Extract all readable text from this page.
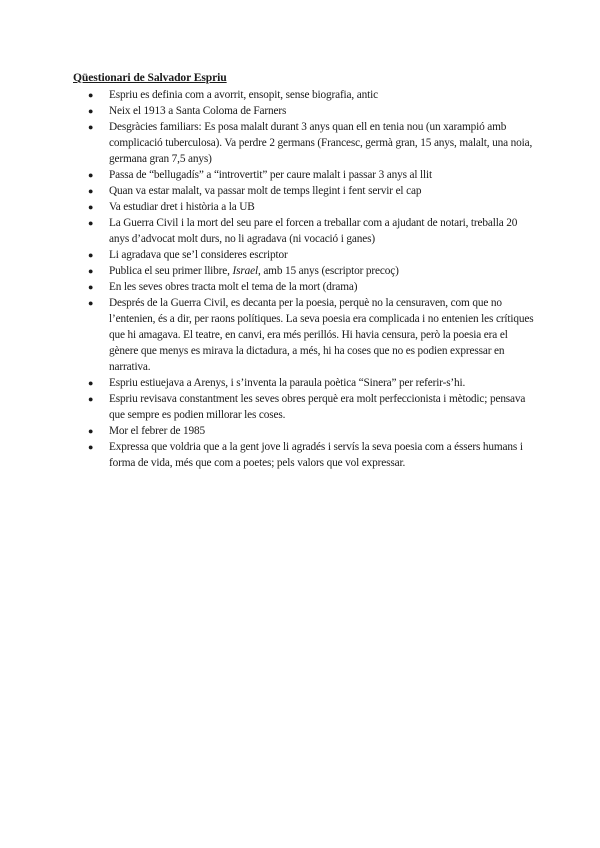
Qüestionari de Salvador Espriu

● Espriu es definia com a avorrit, ensopit, sense biografia, antic
● Neix el 1913 a Santa Coloma de Farners
● Desgràcies familiars: Es posa malalt durant 3 anys quan ell en tenia nou (un xarampió amb complicació tuberculosa). Va perdre 2 germans (Francesc, germà gran, 15 anys, malalt, una noia, germana gran 7,5 anys)
● Passa de “bellugadís” a “introvertit” per caure malalt i passar 3 anys al llit
● Quan va estar malalt, va passar molt de temps llegint i fent servir el cap
● Va estudiar dret i història a la UB
● La Guerra Civil i la mort del seu pare el forcen a treballar com a ajudant de notari, treballa 20 anys d’advocat molt durs, no li agradava (ni vocació i ganes)
● Li agradava que se’l consideres escriptor
● Publica el seu primer llibre, Israel, amb 15 anys (escriptor precoç)
● En les seves obres tracta molt el tema de la mort (drama)
● Després de la Guerra Civil, es decanta per la poesia, perquè no la censuraven, com que no l’entenien, és a dir, per raons polítiques. La seva poesia era complicada i no entenien les crítiques que hi amagava. El teatre, en canvi, era més perillós. Hi havia censura, però la poesia era el gènere que menys es mirava la dictadura, a més, hi ha coses que no es podien expressar en narrativa.
● Espriu estiuejava a Arenys, i s’inventa la paraula poètica “Sinera” per referir-s’hi.
● Espriu revisava constantment les seves obres perquè era molt perfeccionista i mètodic; pensava que sempre es podien millorar les coses.
● Mor el febrer de 1985
● Expressa que voldria que a la gent jove li agradés i servís la seva poesia com a éssers humans i forma de vida, més que com a poetes; pels valors que vol expressar.
